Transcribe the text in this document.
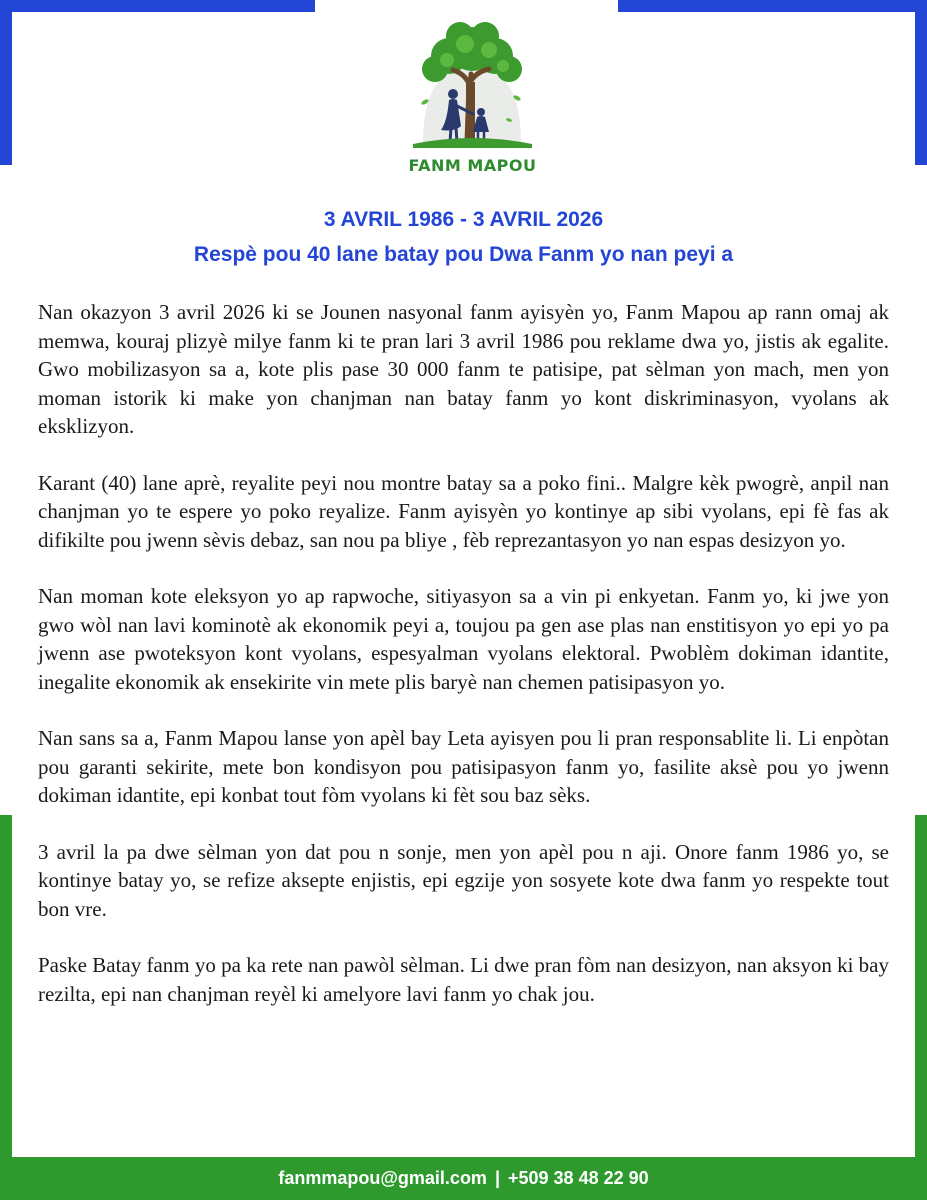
FANM MAPOU
3 AVRIL 1986 - 3 AVRIL 2026
Respè pou 40 lane batay pou Dwa Fanm yo nan peyi a

Nan okazyon 3 avril 2026 ki se Jounen nasyonal fanm ayisyèn yo, Fanm Mapou ap rann omaj ak memwa, kouraj plizyè milye fanm ki te pran lari 3 avril 1986 pou reklame dwa yo, jistis ak egalite. Gwo mobilizasyon sa a, kote plis pase 30 000 fanm te patisipe, pat sèlman yon mach, men yon moman istorik ki make yon chanjman nan batay fanm yo kont diskriminasyon, vyolans ak eksklizyon.

Karant (40) lane aprè, reyalite peyi nou montre batay sa a poko fini.. Malgre kèk pwogrè, anpil nan chanjman yo te espere yo poko reyalize. Fanm ayisyèn yo kontinye ap sibi vyolans, epi fè fas ak difikilte pou jwenn sèvis debaz, san nou pa bliye , fèb reprezantasyon yo nan espas desizyon yo.

Nan moman kote eleksyon yo ap rapwoche, sitiyasyon sa a vin pi enkyetan. Fanm yo, ki jwe yon gwo wòl nan lavi kominotè ak ekonomik peyi a, toujou pa gen ase plas nan enstitisyon yo epi yo pa jwenn ase pwoteksyon kont vyolans, espesyalman vyolans elektoral. Pwoblèm dokiman idantite, inegalite ekonomik ak ensekirite vin mete plis baryè nan chemen patisipasyon yo.

Nan sans sa a, Fanm Mapou lanse yon apèl bay Leta ayisyen pou li pran responsablite li. Li enpòtan pou garanti sekirite, mete bon kondisyon pou patisipasyon fanm yo, fasilite aksè pou yo jwenn dokiman idantite, epi konbat tout fòm vyolans ki fèt sou baz sèks.

3 avril la pa dwe sèlman yon dat pou n sonje, men yon apèl pou n aji. Onore fanm 1986 yo, se kontinye batay yo, se refize aksepte enjistis, epi egzije yon sosyete kote dwa fanm yo respekte tout bon vre.

Paske Batay fanm yo pa ka rete nan pawòl sèlman. Li dwe pran fòm nan desizyon, nan aksyon ki bay rezilta, epi nan chanjman reyèl ki amelyore lavi fanm yo chak jou.

fanmmapou@gmail.com | +509 38 48 22 90
